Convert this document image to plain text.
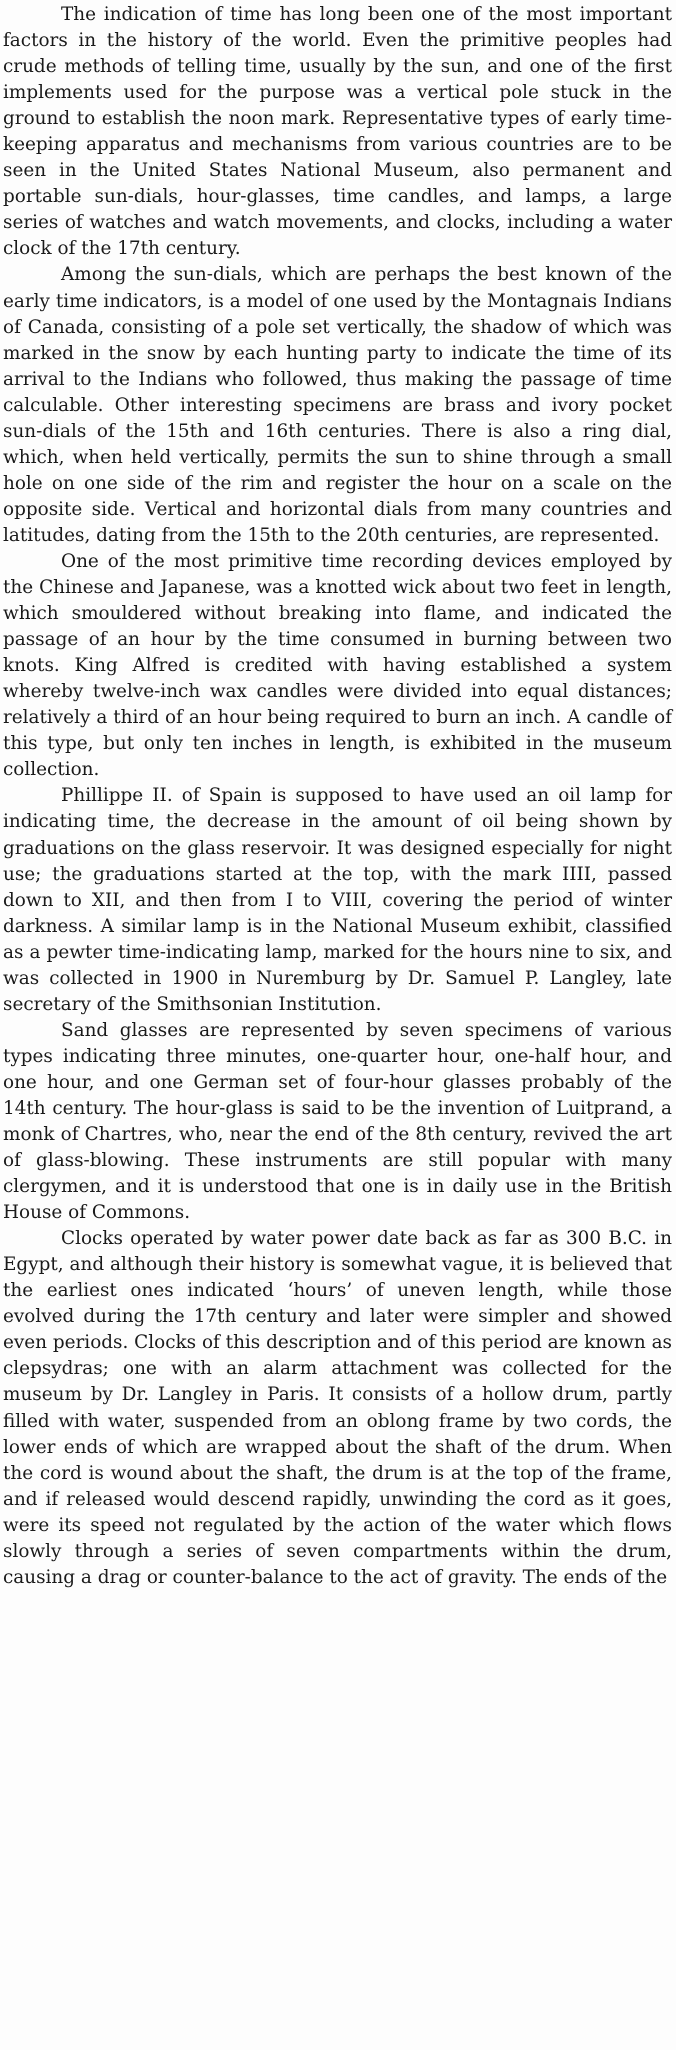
The indication of time has long been one of the most important factors in the history of the world. Even the primitive peoples had crude methods of telling time, usually by the sun, and one of the first implements used for the purpose was a vertical pole stuck in the ground to establish the noon mark. Representative types of early time-keeping apparatus and mechanisms from various countries are to be seen in the United States National Museum, also permanent and portable sun-dials, hour-glasses, time candles, and lamps, a large series of watches and watch movements, and clocks, including a water clock of the 17th century.

Among the sun-dials, which are perhaps the best known of the early time indicators, is a model of one used by the Montagnais Indians of Canada, consisting of a pole set vertically, the shadow of which was marked in the snow by each hunting party to indicate the time of its arrival to the Indians who followed, thus making the passage of time calculable. Other interesting specimens are brass and ivory pocket sun-dials of the 15th and 16th centuries. There is also a ring dial, which, when held vertically, permits the sun to shine through a small hole on one side of the rim and register the hour on a scale on the opposite side. Vertical and horizontal dials from many countries and latitudes, dating from the 15th to the 20th centuries, are represented.

One of the most primitive time recording devices employed by the Chinese and Japanese, was a knotted wick about two feet in length, which smouldered without breaking into flame, and indicated the passage of an hour by the time consumed in burning between two knots. King Alfred is credited with having established a system whereby twelve-inch wax candles were divided into equal distances; relatively a third of an hour being required to burn an inch. A candle of this type, but only ten inches in length, is exhibited in the museum collection.

Phillippe II. of Spain is supposed to have used an oil lamp for indicating time, the decrease in the amount of oil being shown by graduations on the glass reservoir. It was designed especially for night use; the graduations started at the top, with the mark IIII, passed down to XII, and then from I to VIII, covering the period of winter darkness. A similar lamp is in the National Museum exhibit, classified as a pewter time-indicating lamp, marked for the hours nine to six, and was collected in 1900 in Nuremburg by Dr. Samuel P. Langley, late secretary of the Smithsonian Institution.

Sand glasses are represented by seven specimens of various types indicating three minutes, one-quarter hour, one-half hour, and one hour, and one German set of four-hour glasses probably of the 14th century. The hour-glass is said to be the invention of Luitprand, a monk of Chartres, who, near the end of the 8th century, revived the art of glass-blowing. These instruments are still popular with many clergymen, and it is understood that one is in daily use in the British House of Commons.

Clocks operated by water power date back as far as 300 B.C. in Egypt, and although their history is somewhat vague, it is believed that the earliest ones indicated ‘hours’ of uneven length, while those evolved during the 17th century and later were simpler and showed even periods. Clocks of this description and of this period are known as clepsydras; one with an alarm attachment was collected for the museum by Dr. Langley in Paris. It consists of a hollow drum, partly filled with water, suspended from an oblong frame by two cords, the lower ends of which are wrapped about the shaft of the drum. When the cord is wound about the shaft, the drum is at the top of the frame, and if released would descend rapidly, unwinding the cord as it goes, were its speed not regulated by the action of the water which flows slowly through a series of seven compartments within the drum, causing a drag or counter-balance to the act of gravity. The ends of the
